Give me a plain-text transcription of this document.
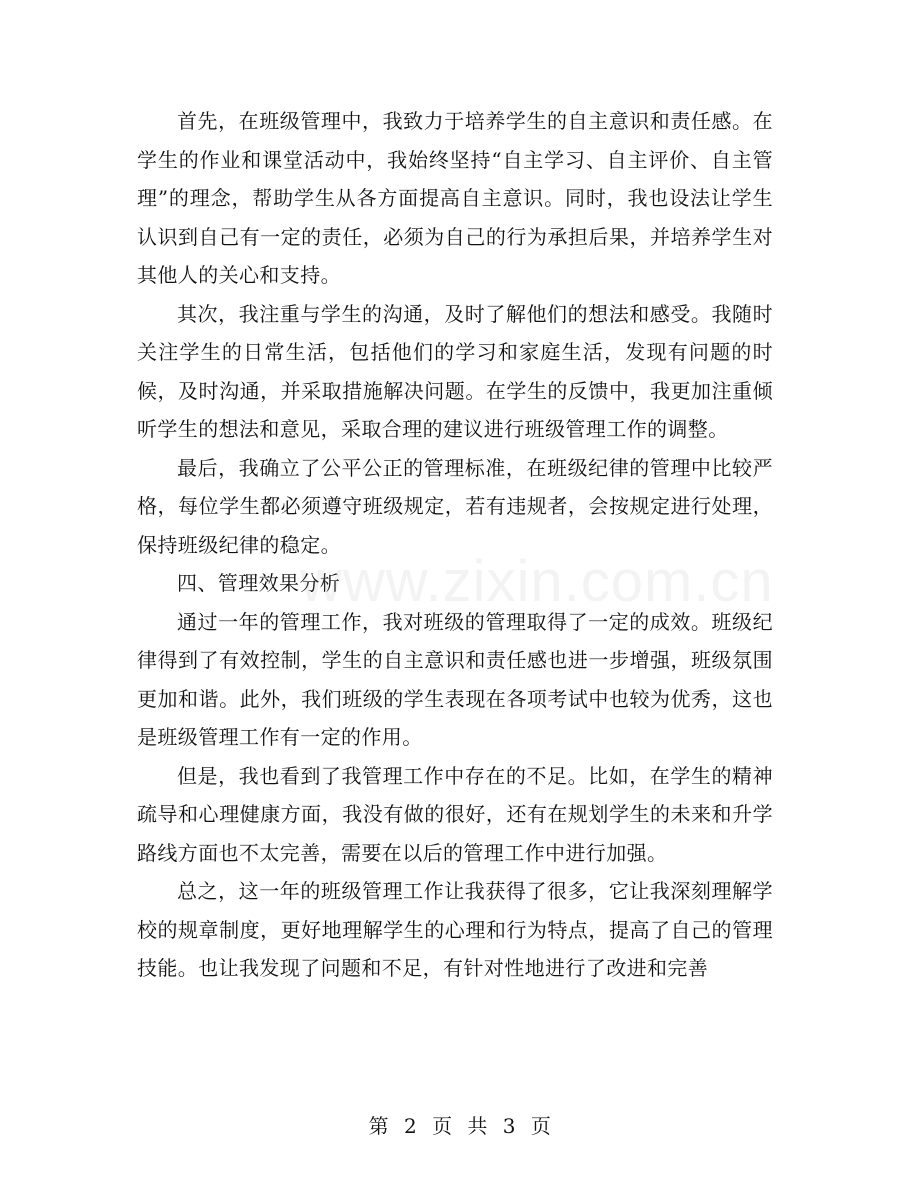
首先，在班级管理中，我致力于培养学生的自主意识和责任感。在学生的作业和课堂活动中，我始终坚持“自主学习、自主评价、自主管理”的理念，帮助学生从各方面提高自主意识。同时，我也设法让学生认识到自己有一定的责任，必须为自己的行为承担后果，并培养学生对其他人的关心和支持。

其次，我注重与学生的沟通，及时了解他们的想法和感受。我随时关注学生的日常生活，包括他们的学习和家庭生活，发现有问题的时候，及时沟通，并采取措施解决问题。在学生的反馈中，我更加注重倾听学生的想法和意见，采取合理的建议进行班级管理工作的调整。

最后，我确立了公平公正的管理标准，在班级纪律的管理中比较严格，每位学生都必须遵守班级规定，若有违规者，会按规定进行处理，保持班级纪律的稳定。

四、管理效果分析

通过一年的管理工作，我对班级的管理取得了一定的成效。班级纪律得到了有效控制，学生的自主意识和责任感也进一步增强，班级氛围更加和谐。此外，我们班级的学生表现在各项考试中也较为优秀，这也是班级管理工作有一定的作用。

但是，我也看到了我管理工作中存在的不足。比如，在学生的精神疏导和心理健康方面，我没有做的很好，还有在规划学生的未来和升学路线方面也不太完善，需要在以后的管理工作中进行加强。

总之，这一年的班级管理工作让我获得了很多，它让我深刻理解学校的规章制度，更好地理解学生的心理和行为特点，提高了自己的管理技能。也让我发现了问题和不足，有针对性地进行了改进和完善

www.zixin.com.cn
第 2 页 共 3 页
